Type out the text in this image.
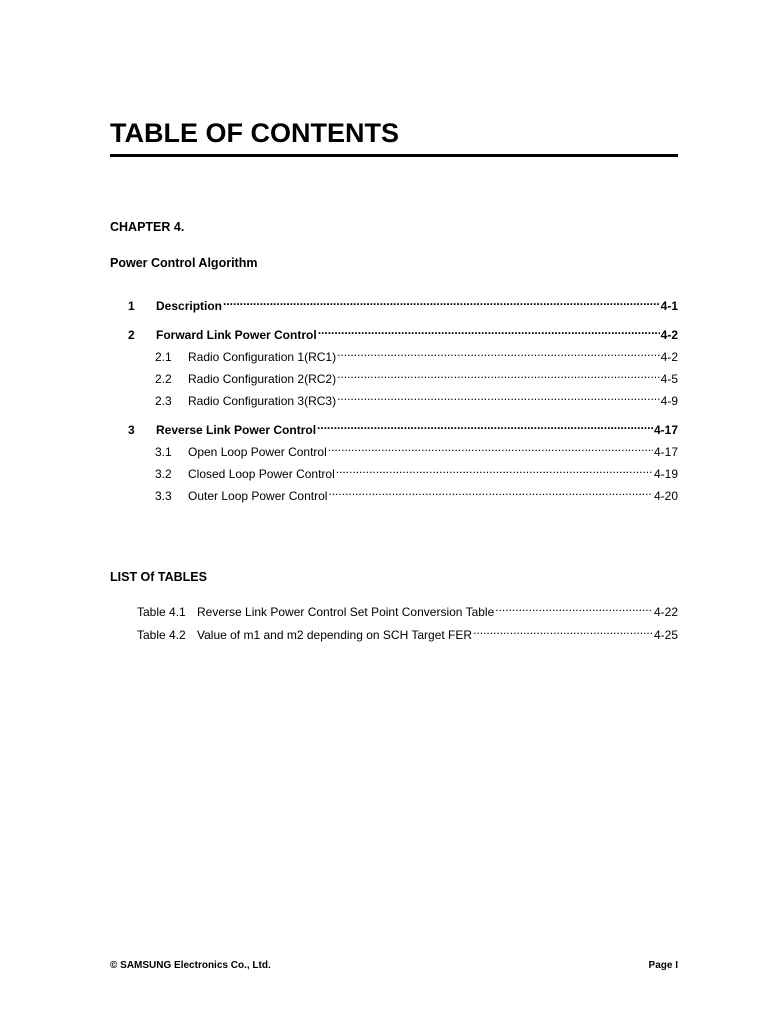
TABLE OF CONTENTS
CHAPTER 4.
Power Control Algorithm
1	Description .....	4-1
2	Forward Link Power Control .....	4-2
2.1	Radio Configuration 1(RC1) .....	4-2
2.2	Radio Configuration 2(RC2) .....	4-5
2.3	Radio Configuration 3(RC3) .....	4-9
3	Reverse Link Power Control .....	4-17
3.1	Open Loop Power Control .....	4-17
3.2	Closed Loop Power Control .....	4-19
3.3	Outer Loop Power Control .....	4-20
LIST Of TABLES
Table 4.1 Reverse Link Power Control Set Point Conversion Table .....	4-22
Table 4.2 Value of m1 and m2 depending on SCH Target FER .....	4-25
© SAMSUNG Electronics Co., Ltd.	Page I
